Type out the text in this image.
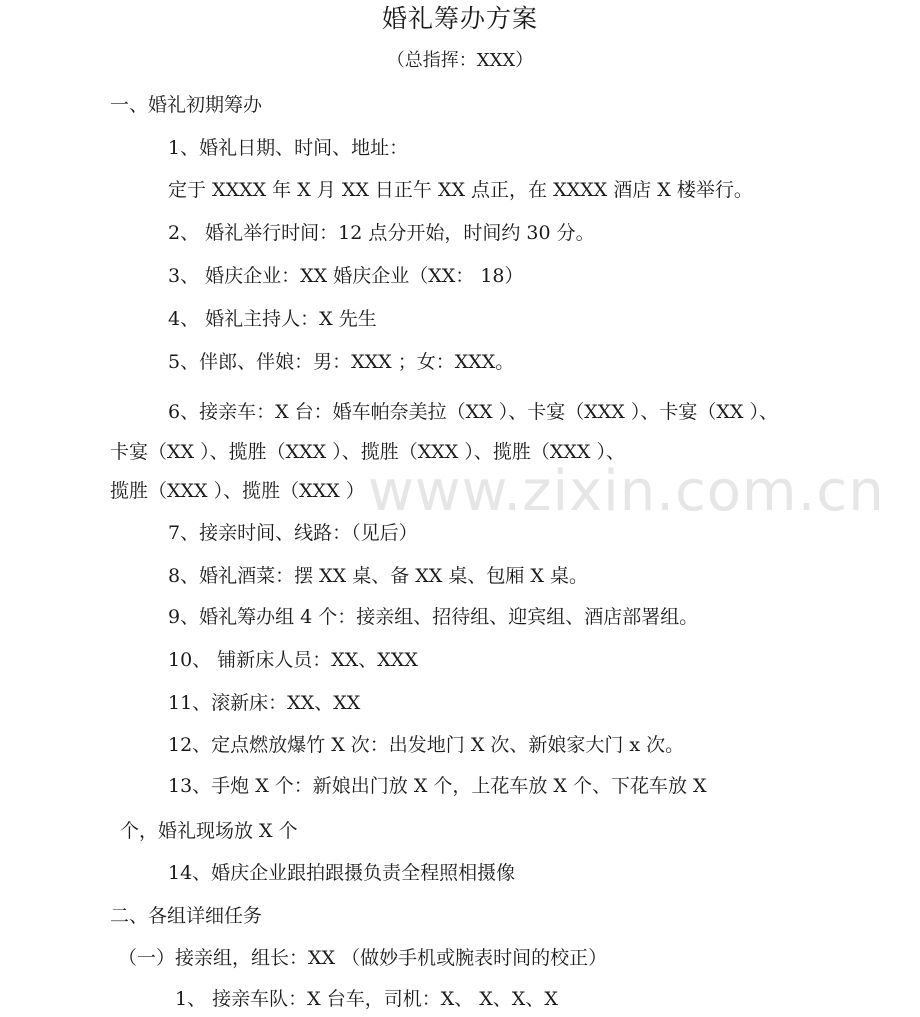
www.zixin.com.cn
婚礼筹办方案
（总指挥：XXX）
一、婚礼初期筹办
1、婚礼日期、时间、地址：
定于 XXXX 年 X 月 XX 日正午 XX 点正，在 XXXX 酒店 X 楼举行。
2、 婚礼举行时间：12 点分开始，时间约 30 分。
3、 婚庆企业：XX 婚庆企业（XX： 18）
4、 婚礼主持人：X 先生
5、伴郎、伴娘：男：XXX ；女：XXX。
6、接亲车：X 台：婚车帕奈美拉（XX ）、卡宴（XXX ）、卡宴（XX ）、
卡宴（XX ）、揽胜（XXX ）、揽胜（XXX ）、揽胜（XXX ）、
揽胜（XXX ）、揽胜（XXX ）
7、接亲时间、线路：（见后）
8、婚礼酒菜：摆 XX 桌、备 XX 桌、包厢 X 桌。
9、婚礼筹办组 4 个：接亲组、招待组、迎宾组、酒店部署组。
10、 铺新床人员：XX、XXX
11、滚新床：XX、XX
12、定点燃放爆竹 X 次：出发地门 X 次、新娘家大门 x 次。
13、手炮 X 个：新娘出门放 X 个，上花车放 X 个、下花车放 X
个，婚礼现场放 X 个
14、婚庆企业跟拍跟摄负责全程照相摄像
二、各组详细任务
（一）接亲组，组长：XX （做妙手机或腕表时间的校正）
1、 接亲车队：X 台车，司机：X、 X、X、X
